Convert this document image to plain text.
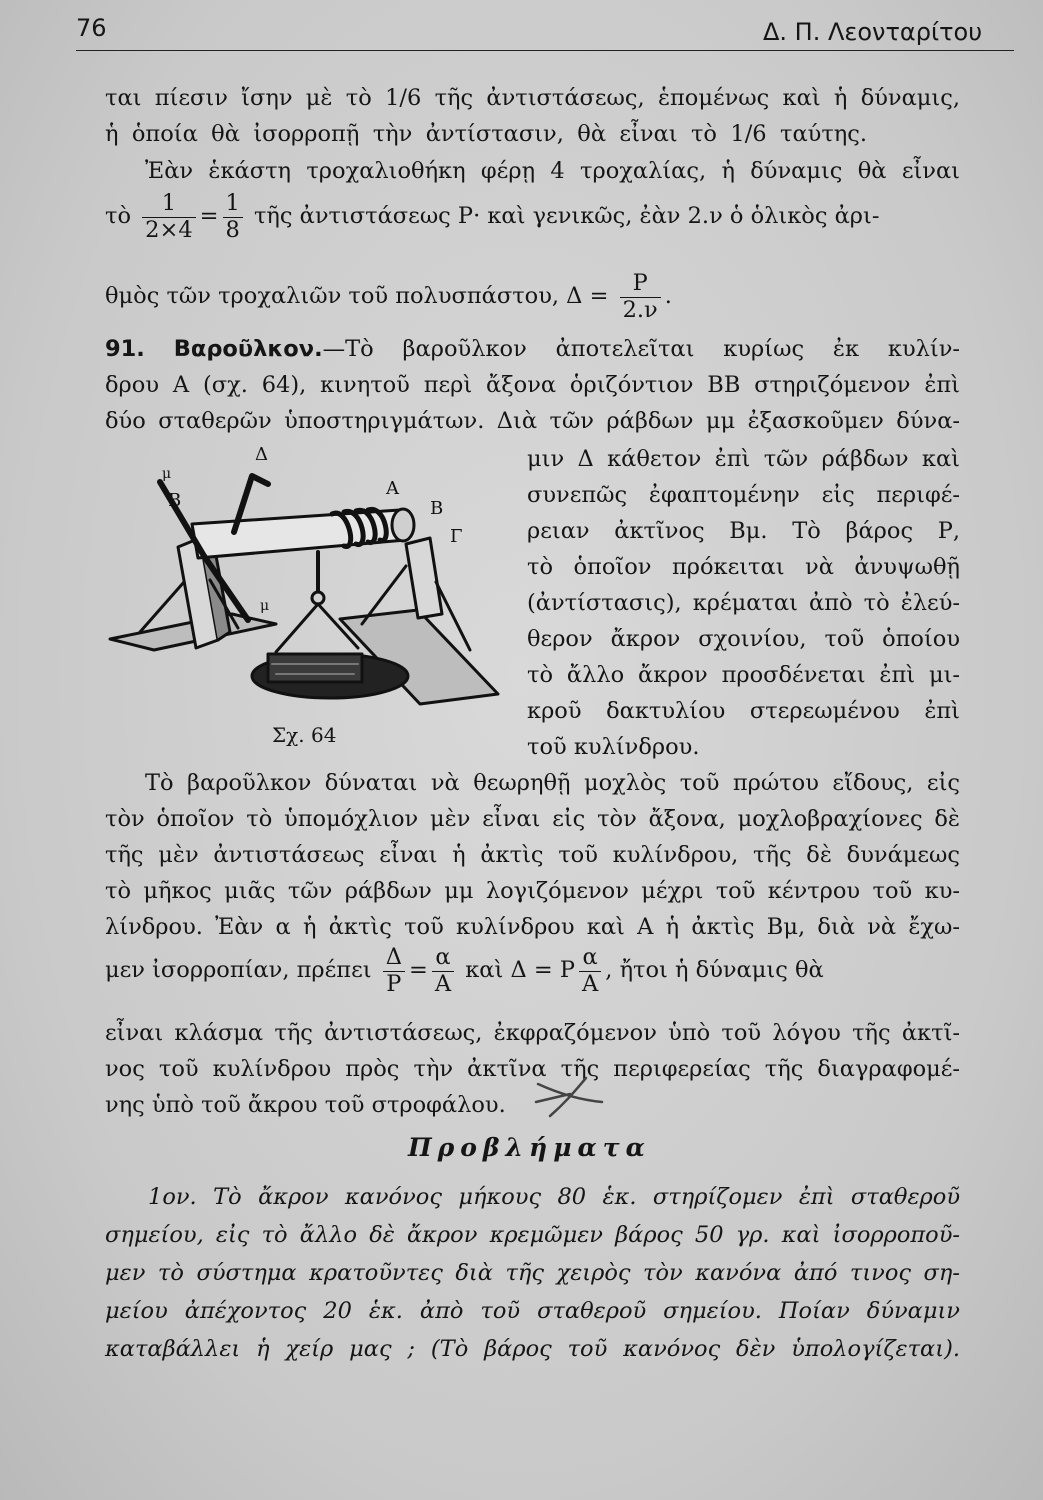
76	Δ. Π. Λεονταρίτου
ται πίεσιν ἴσην μὲ τὸ 1/6 τῆς ἀντιστάσεως, ἑπομένως καὶ ἡ δύναμις,
ἡ ὁποία θὰ ἰσορροπῇ τὴν ἀντίστασιν, θὰ εἶναι τὸ 1/6 ταύτης.
Ἐὰν ἑκάστη τροχαλιοθήκη φέρῃ 4 τροχαλίας, ἡ δύναμις θὰ εἶναι
τὸ $\frac{1}{2\times 4} = \frac{1}{8}$ τῆς ἀντιστάσεως Ρ· καὶ γενικῶς, ἐὰν 2.ν ὁ ὁλικὸς ἀρι-
θμὸς τῶν τροχαλιῶν τοῦ πολυσπάστου, $\Delta = \frac{P}{2.\nu}$ .
91. Βαροῦλκον.—Τὸ βαροῦλκον ἀποτελεῖται κυρίως ἐκ κυλίν-
δρου Α (σχ. 64), κινητοῦ περὶ ἄξονα ὁριζόντιον ΒΒ στηριζόμενον ἐπὶ
δύο σταθερῶν ὑποστηριγμάτων. Διὰ τῶν ράβδων μμ ἐξασκοῦμεν δύνα-
Δ
μ
Β
Α
Β
Γ
μ
Σχ. 64
μιν Δ κάθετον ἐπὶ τῶν ράβδων καὶ
συνεπῶς ἐφαπτομένην εἰς περιφέ-
ρειαν ἀκτῖνος Βμ. Τὸ βάρος Ρ,
τὸ ὁποῖον πρόκειται νὰ ἀνυψωθῇ
(ἀντίστασις), κρέμαται ἀπὸ τὸ ἐλεύ-
θερον ἄκρον σχοινίου, τοῦ ὁποίου
τὸ ἄλλο ἄκρον προσδένεται ἐπὶ μι-
κροῦ δακτυλίου στερεωμένου ἐπὶ
τοῦ κυλίνδρου.
Τὸ βαροῦλκον δύναται νὰ θεωρηθῇ μοχλὸς τοῦ πρώτου εἴδους, εἰς
τὸν ὁποῖον τὸ ὑπομόχλιον μὲν εἶναι εἰς τὸν ἄξονα, μοχλοβραχίονες δὲ
τῆς μὲν ἀντιστάσεως εἶναι ἡ ἀκτὶς τοῦ κυλίνδρου, τῆς δὲ δυνάμεως
τὸ μῆκος μιᾶς τῶν ράβδων μμ λογιζόμενον μέχρι τοῦ κέντρου τοῦ κυ-
λίνδρου. Ἐὰν α ἡ ἀκτὶς τοῦ κυλίνδρου καὶ Α ἡ ἀκτὶς Βμ, διὰ νὰ ἔχω-
μεν ἰσορροπίαν, πρέπει $\frac{\Delta}{P} = \frac{\alpha}{A}$ καὶ Δ = Ρ $\frac{\alpha}{A}$ , ἤτοι ἡ δύναμις θὰ
εἶναι κλάσμα τῆς ἀντιστάσεως, ἐκφραζόμενον ὑπὸ τοῦ λόγου τῆς ἀκτῖ-
νος τοῦ κυλίνδρου πρὸς τὴν ἀκτῖνα τῆς περιφερείας τῆς διαγραφομέ-
νης ὑπὸ τοῦ ἄκρου τοῦ στροφάλου.
Προβλήματα
1ον. Τὸ ἄκρον κανόνος μήκους 80 ἑκ. στηρίζομεν ἐπὶ σταθεροῦ
σημείου, εἰς τὸ ἄλλο δὲ ἄκρον κρεμῶμεν βάρος 50 γρ. καὶ ἰσορροποῦ-
μεν τὸ σύστημα κρατοῦντες διὰ τῆς χειρὸς τὸν κανόνα ἀπό τινος ση-
μείου ἀπέχοντος 20 ἑκ. ἀπὸ τοῦ σταθεροῦ σημείου. Ποίαν δύναμιν
καταβάλλει ἡ χείρ μας ; (Τὸ βάρος τοῦ κανόνος δὲν ὑπολογίζεται).
